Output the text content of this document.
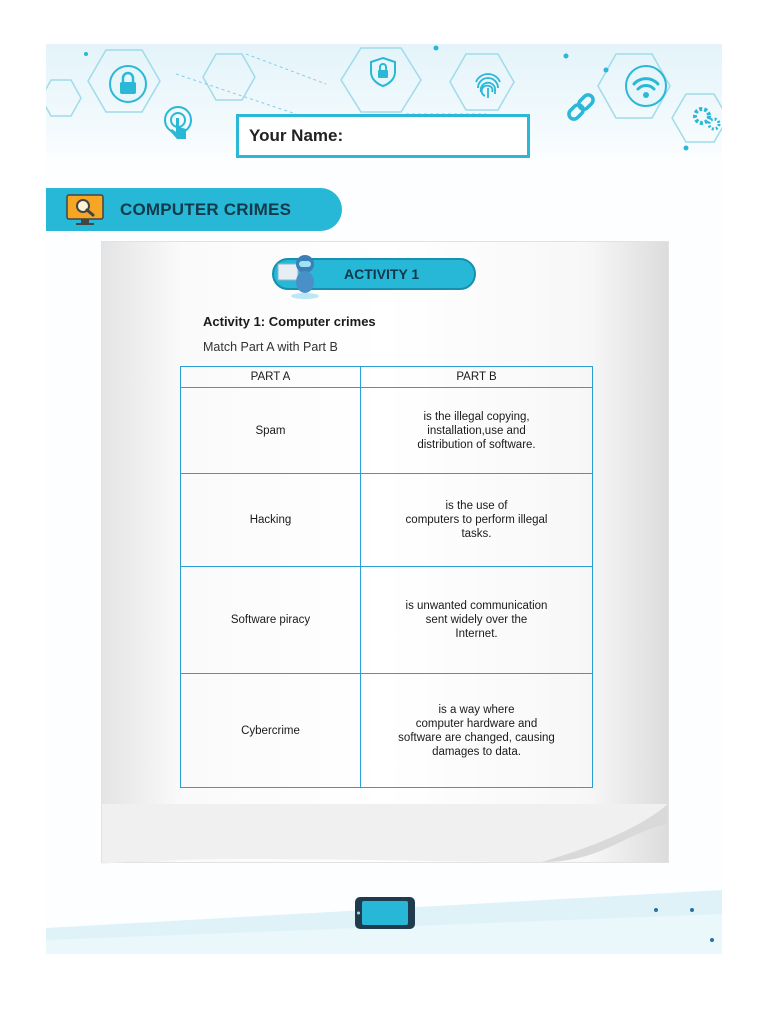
Your Name:
COMPUTER CRIMES
ACTIVITY 1
Activity 1: Computer crimes
Match Part A with Part B
PART A	PART B
Spam	is the illegal copying,
installation,use and
distribution of software.
Hacking	is the use of
computers to perform illegal
tasks.
Software piracy	is unwanted communication
sent widely over the
Internet.
Cybercrime	is a way where
computer hardware and
software are changed, causing
damages to data.
